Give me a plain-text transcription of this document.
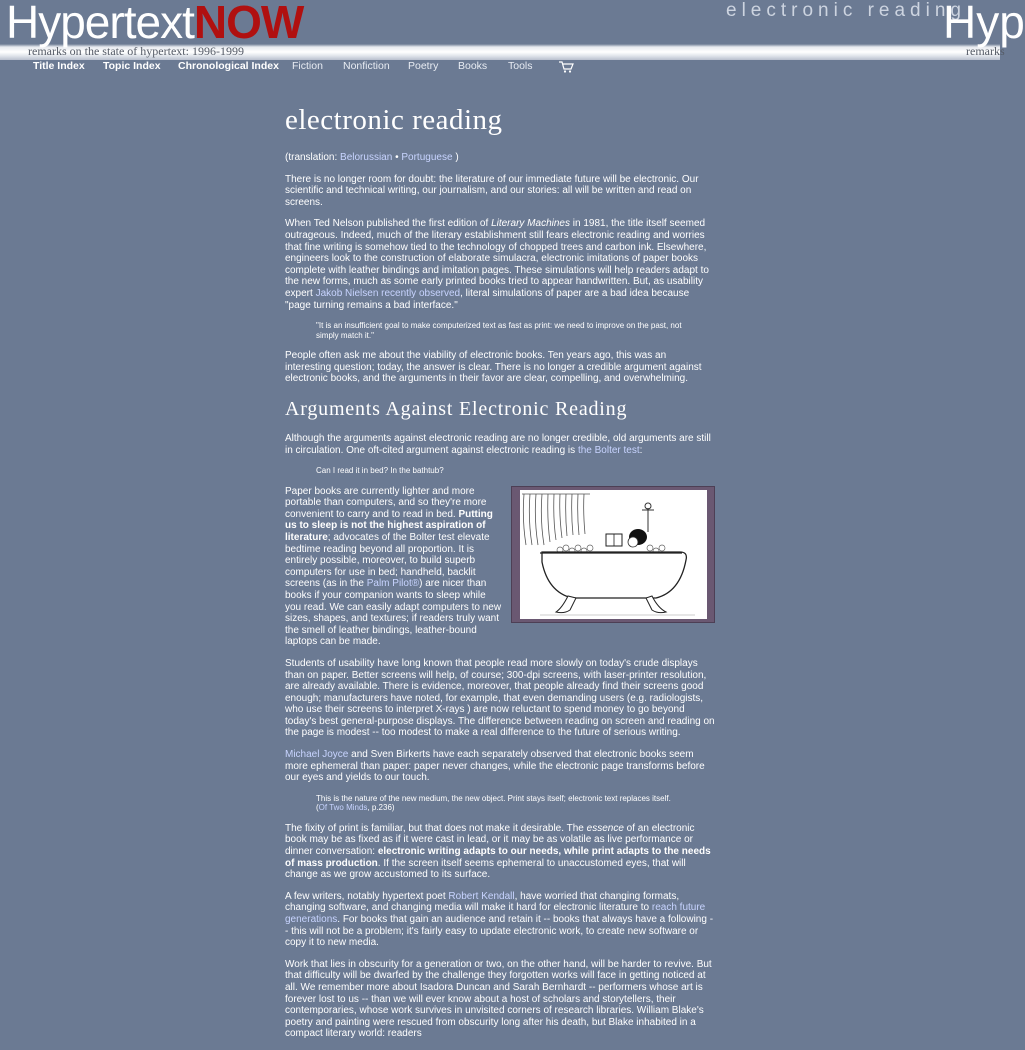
HypertextNOW
remarks on the state of hypertext: 1996-1999
electronic reading
Hyp
remarks
Title Index Topic Index Chronological Index Fiction Nonfiction Poetry Books Tools
electronic reading

(translation: Belorussian • Portuguese )

There is no longer room for doubt: the literature of our immediate future will be electronic. Our scientific and technical writing, our journalism, and our stories: all will be written and read on screens.

When Ted Nelson published the first edition of Literary Machines in 1981, the title itself seemed outrageous. Indeed, much of the literary establishment still fears electronic reading and worries that fine writing is somehow tied to the technology of chopped trees and carbon ink. Elsewhere, engineers look to the construction of elaborate simulacra, electronic imitations of paper books complete with leather bindings and imitation pages. These simulations will help readers adapt to the new forms, much as some early printed books tried to appear handwritten. But, as usability expert Jakob Nielsen recently observed, literal simulations of paper are a bad idea because "page turning remains a bad interface."

"It is an insufficient goal to make computerized text as fast as print: we need to improve on the past, not simply match it."

People often ask me about the viability of electronic books. Ten years ago, this was an interesting question; today, the answer is clear. There is no longer a credible argument against electronic books, and the arguments in their favor are clear, compelling, and overwhelming.

Arguments Against Electronic Reading

Although the arguments against electronic reading are no longer credible, old arguments are still in circulation. One oft-cited argument against electronic reading is the Bolter test:

Can I read it in bed? In the bathtub?

Paper books are currently lighter and more portable than computers, and so they're more convenient to carry and to read in bed. Putting us to sleep is not the highest aspiration of literature; advocates of the Bolter test elevate bedtime reading beyond all proportion. It is entirely possible, moreover, to build superb computers for use in bed; handheld, backlit screens (as in the Palm Pilot®) are nicer than books if your companion wants to sleep while you read. We can easily adapt computers to new sizes, shapes, and textures; if readers truly want the smell of leather bindings, leather-bound laptops can be made.

Students of usability have long known that people read more slowly on today's crude displays than on paper. Better screens will help, of course; 300-dpi screens, with laser-printer resolution, are already available. There is evidence, moreover, that people already find their screens good enough; manufacturers have noted, for example, that even demanding users (e.g. radiologists, who use their screens to interpret X-rays ) are now reluctant to spend money to go beyond today's best general-purpose displays. The difference between reading on screen and reading on the page is modest -- too modest to make a real difference to the future of serious writing.

Michael Joyce and Sven Birkerts have each separately observed that electronic books seem more ephemeral than paper: paper never changes, while the electronic page transforms before our eyes and yields to our touch.

This is the nature of the new medium, the new object. Print stays itself; electronic text replaces itself.
(Of Two Minds, p.236)

The fixity of print is familiar, but that does not make it desirable. The essence of an electronic book may be as fixed as if it were cast in lead, or it may be as volatile as live performance or dinner conversation: electronic writing adapts to our needs, while print adapts to the needs of mass production. If the screen itself seems ephemeral to unaccustomed eyes, that will change as we grow accustomed to its surface.

A few writers, notably hypertext poet Robert Kendall, have worried that changing formats, changing software, and changing media will make it hard for electronic literature to reach future generations. For books that gain an audience and retain it -- books that always have a following -- this will not be a problem; it's fairly easy to update electronic work, to create new software or copy it to new media.

Work that lies in obscurity for a generation or two, on the other hand, will be harder to revive. But that difficulty will be dwarfed by the challenge they forgotten works will face in getting noticed at all. We remember more about Isadora Duncan and Sarah Bernhardt -- performers whose art is forever lost to us -- than we will ever know about a host of scholars and storytellers, their contemporaries, whose work survives in unvisited corners of research libraries. William Blake's poetry and painting were rescued from obscurity long after his death, but Blake inhabited in a compact literary world: readers
